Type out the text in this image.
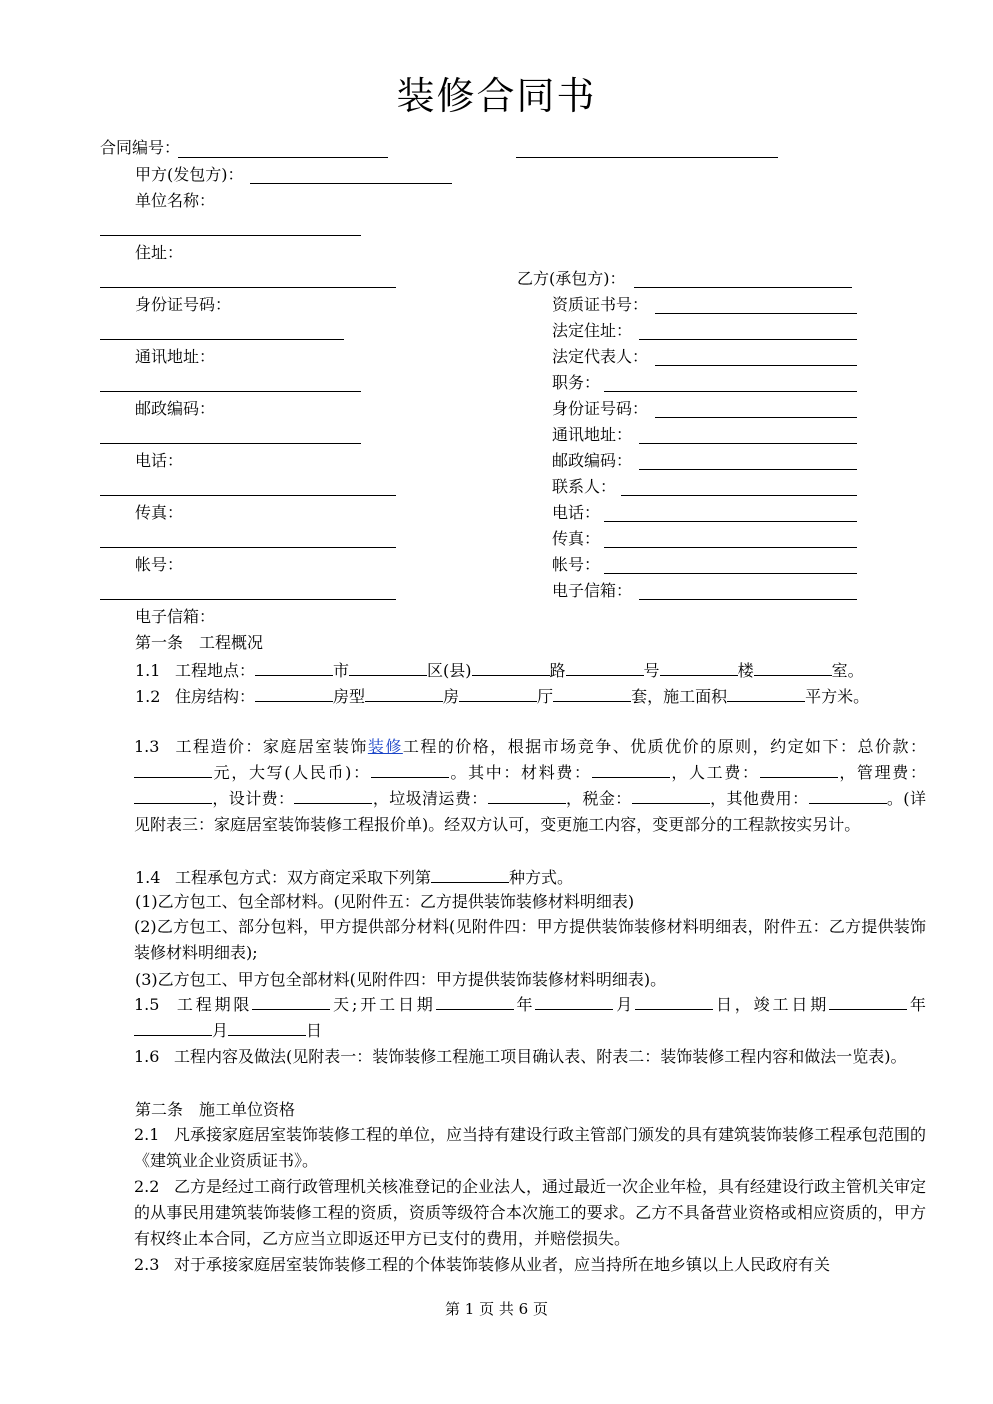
装修合同书
合同编号：
甲方(发包方)：
单位名称：
住址：
身份证号码：
通讯地址：
邮政编码：
电话：
传真：
帐号：
电子信箱：
乙方(承包方)：
资质证书号：
法定住址：
法定代表人：
职务：
身份证号码：
通讯地址：
邮政编码：
联系人：
电话：
传真：
帐号：
电子信箱：
第一条　工程概况
1.1 工程地点：	市	区(县)	路	号	楼	室。
1.2 住房结构：	房型	房	厅	套，施工面积	平方米。
1.3 工程造价：家庭居室装饰装修工程的价格，根据市场竞争、优质优价的原则，约定如下：总价款：元，大写(人民币)：	。其中：材料费：	，人工费：	，管理费：，设计费：	，垃圾清运费：	，税金：	，其他费用：	。(详见附表三：家庭居室装饰装修工程报价单)。经双方认可，变更施工内容，变更部分的工程款按实另计。
1.4 工程承包方式：双方商定采取下列第	种方式。
(1)乙方包工、包全部材料。(见附件五：乙方提供装饰装修材料明细表)
(2)乙方包工、部分包料，甲方提供部分材料(见附件四：甲方提供装饰装修材料明细表，附件五：乙方提供装饰装修材料明细表);
(3)乙方包工、甲方包全部材料(见附件四：甲方提供装饰装修材料明细表)。
1.5 工程期限	天;开工日期	年	月	日，竣工日期	年月	日
1.6 工程内容及做法(见附表一：装饰装修工程施工项目确认表、附表二：装饰装修工程内容和做法一览表)。
第二条　施工单位资格
2.1 凡承接家庭居室装饰装修工程的单位，应当持有建设行政主管部门颁发的具有建筑装饰装修工程承包范围的《建筑业企业资质证书》。
2.2 乙方是经过工商行政管理机关核准登记的企业法人，通过最近一次企业年检，具有经建设行政主管机关审定的从事民用建筑装饰装修工程的资质，资质等级符合本次施工的要求。乙方不具备营业资格或相应资质的，甲方有权终止本合同，乙方应当立即返还甲方已支付的费用，并赔偿损失。
2.3 对于承接家庭居室装饰装修工程的个体装饰装修从业者，应当持所在地乡镇以上人民政府有关
第 1 页 共 6 页
